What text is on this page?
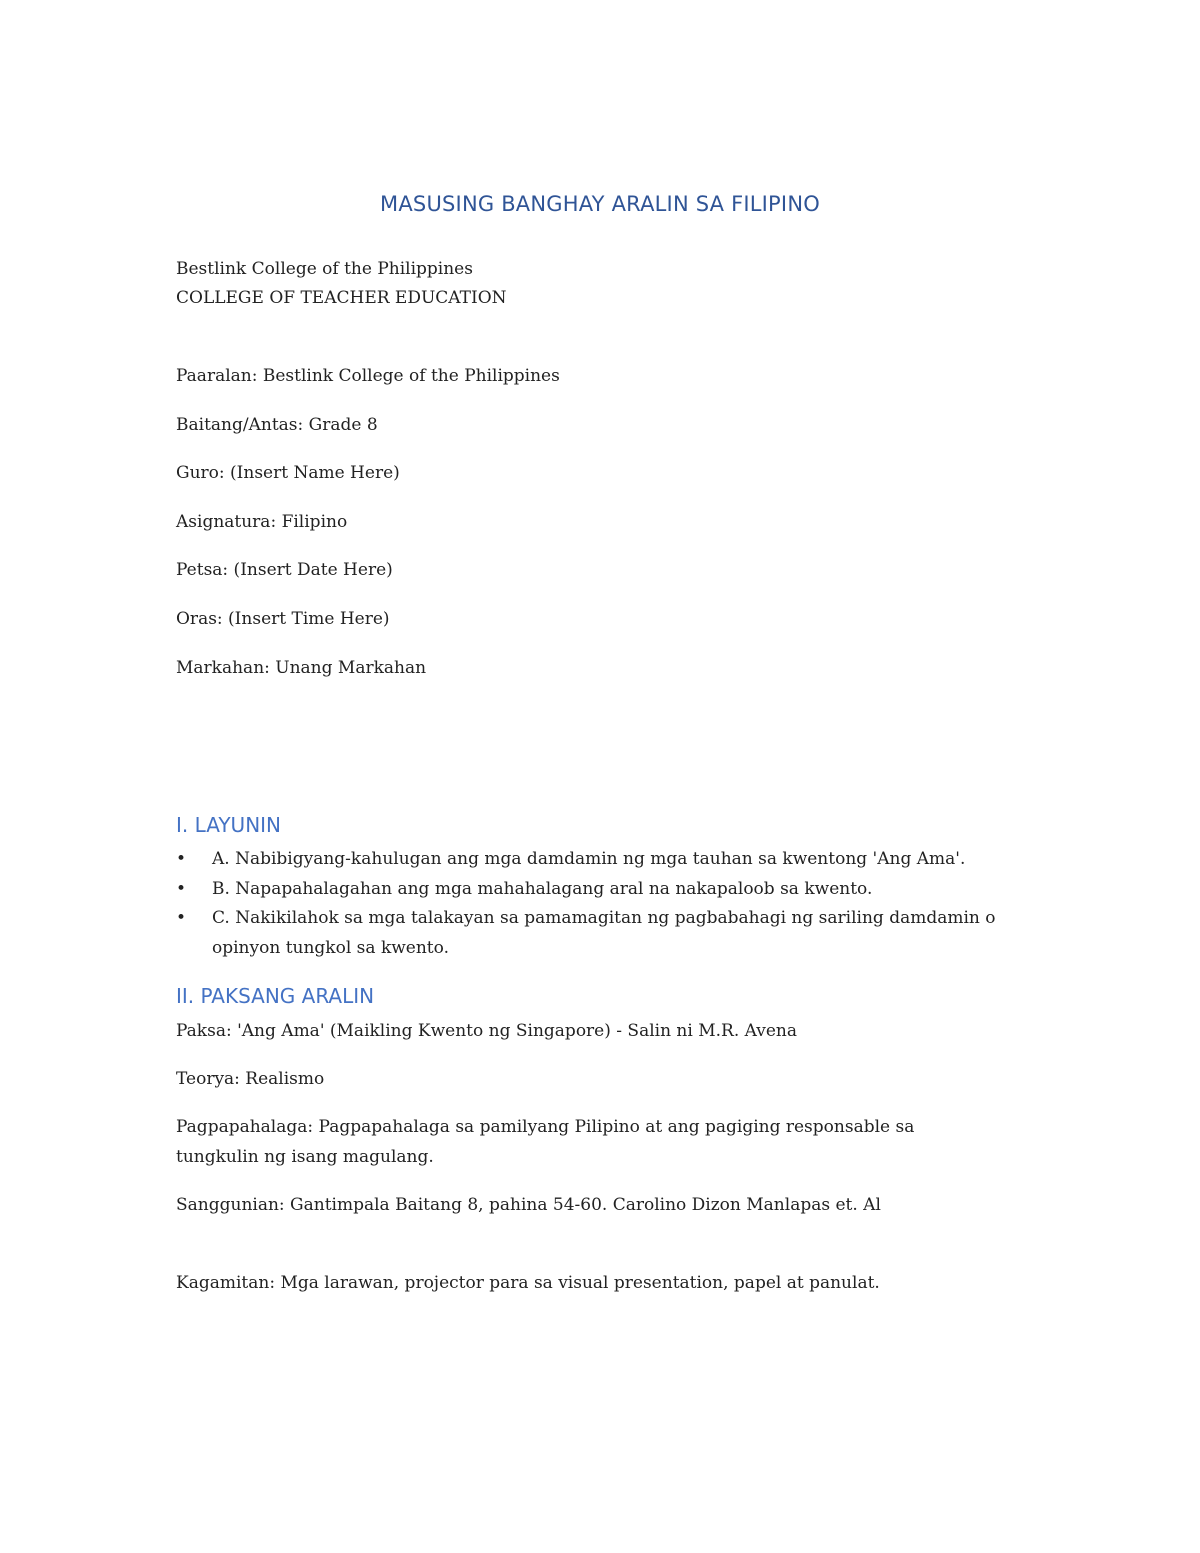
MASUSING BANGHAY ARALIN SA FILIPINO
Bestlink College of the Philippines
COLLEGE OF TEACHER EDUCATION
Paaralan: Bestlink College of the Philippines
Baitang/Antas: Grade 8
Guro: (Insert Name Here)
Asignatura: Filipino
Petsa: (Insert Date Here)
Oras: (Insert Time Here)
Markahan: Unang Markahan
I. LAYUNIN
•	A. Nabibigyang-kahulugan ang mga damdamin ng mga tauhan sa kwentong 'Ang Ama'.
•	B. Napapahalagahan ang mga mahahalagang aral na nakapaloob sa kwento.
•	C. Nakikilahok sa mga talakayan sa pamamagitan ng pagbabahagi ng sariling damdamin o opinyon tungkol sa kwento.
II. PAKSANG ARALIN
Paksa: 'Ang Ama' (Maikling Kwento ng Singapore) - Salin ni M.R. Avena
Teorya: Realismo
Pagpapahalaga: Pagpapahalaga sa pamilyang Pilipino at ang pagiging responsable sa tungkulin ng isang magulang.
Sanggunian: Gantimpala Baitang 8, pahina 54-60. Carolino Dizon Manlapas et. Al
Kagamitan: Mga larawan, projector para sa visual presentation, papel at panulat.
